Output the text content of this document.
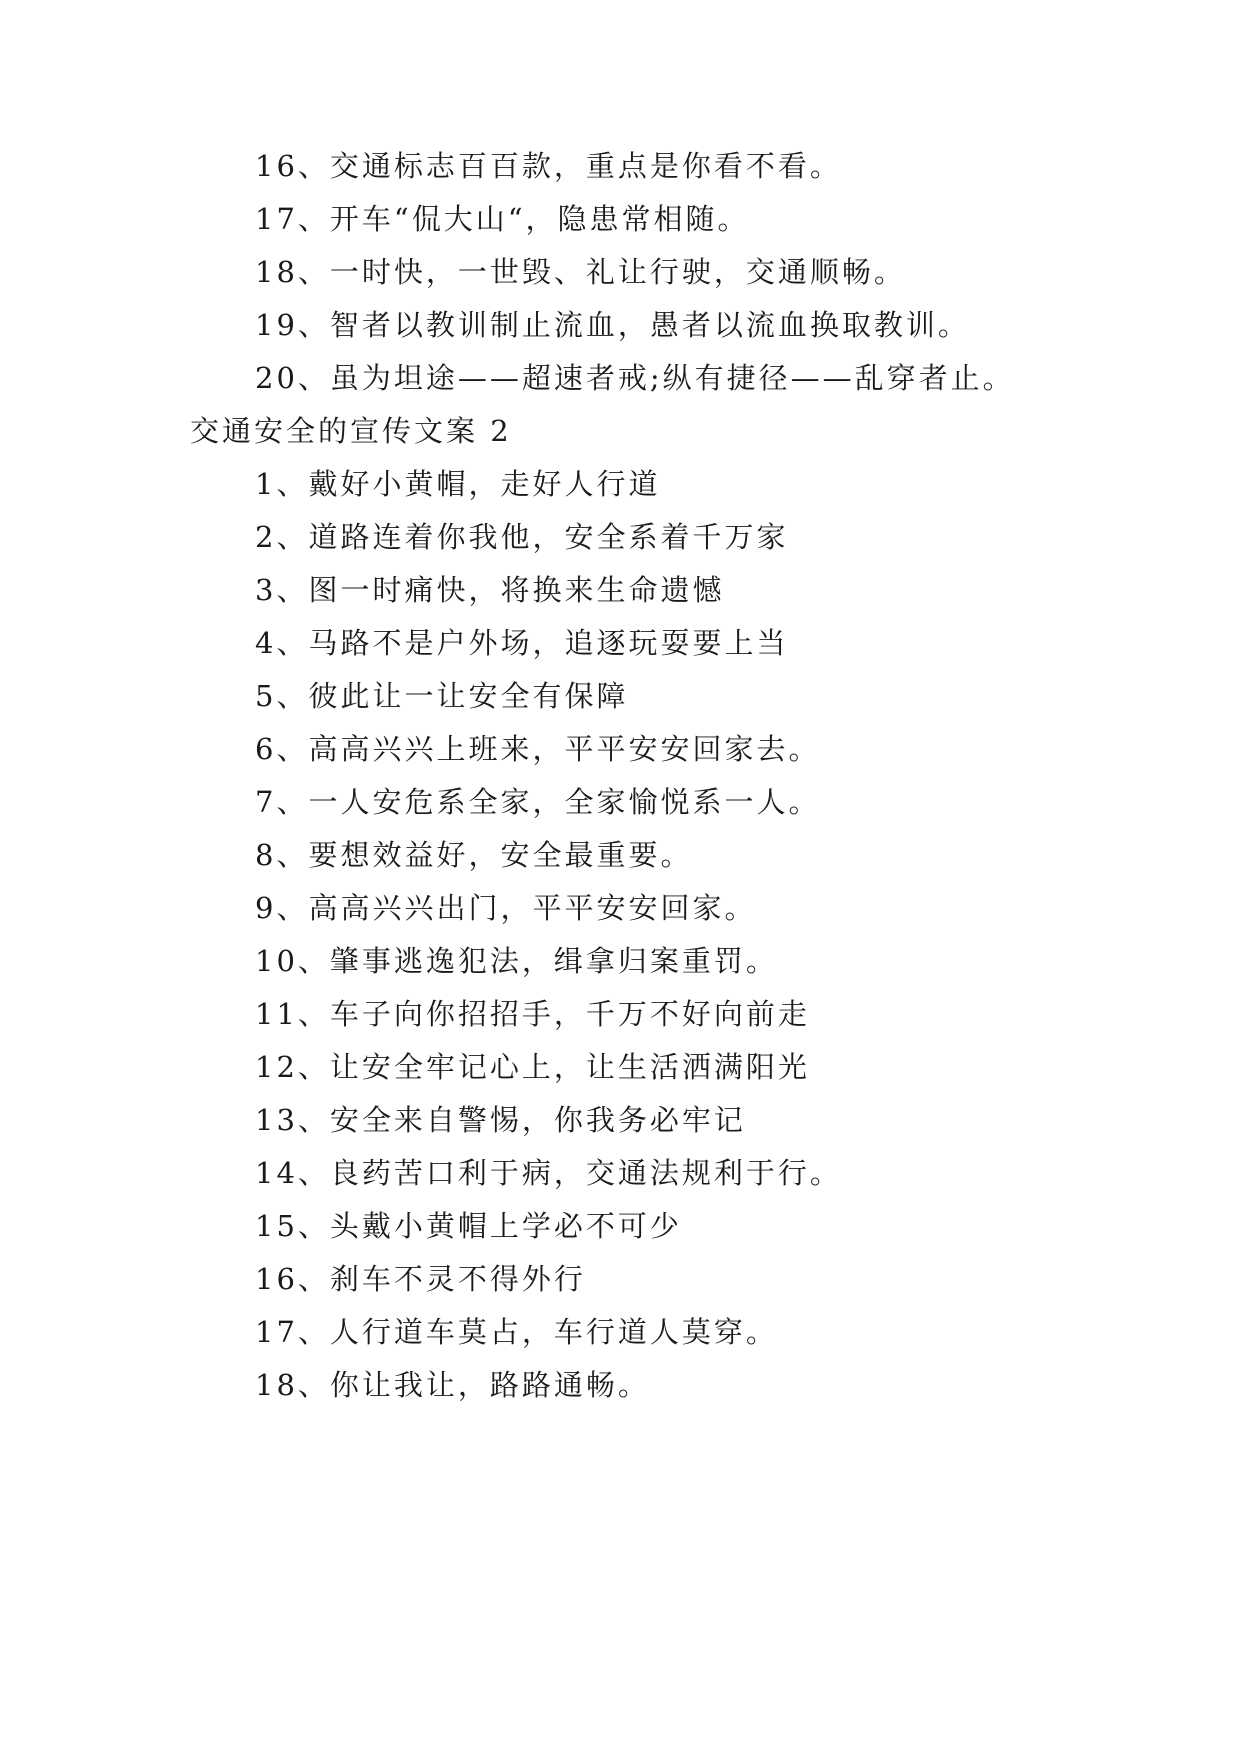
16、交通标志百百款，重点是你看不看。
17、开车“侃大山“，隐患常相随。
18、一时快，一世毁、礼让行驶，交通顺畅。
19、智者以教训制止流血，愚者以流血换取教训。
20、虽为坦途——超速者戒;纵有捷径——乱穿者止。
交通安全的宣传文案 2
1、戴好小黄帽，走好人行道
2、道路连着你我他，安全系着千万家
3、图一时痛快，将换来生命遗憾
4、马路不是户外场，追逐玩耍要上当
5、彼此让一让安全有保障
6、高高兴兴上班来，平平安安回家去。
7、一人安危系全家，全家愉悦系一人。
8、要想效益好，安全最重要。
9、高高兴兴出门，平平安安回家。
10、肇事逃逸犯法，缉拿归案重罚。
11、车子向你招招手，千万不好向前走
12、让安全牢记心上，让生活洒满阳光
13、安全来自警惕，你我务必牢记
14、良药苦口利于病，交通法规利于行。
15、头戴小黄帽上学必不可少
16、刹车不灵不得外行
17、人行道车莫占，车行道人莫穿。
18、你让我让，路路通畅。
